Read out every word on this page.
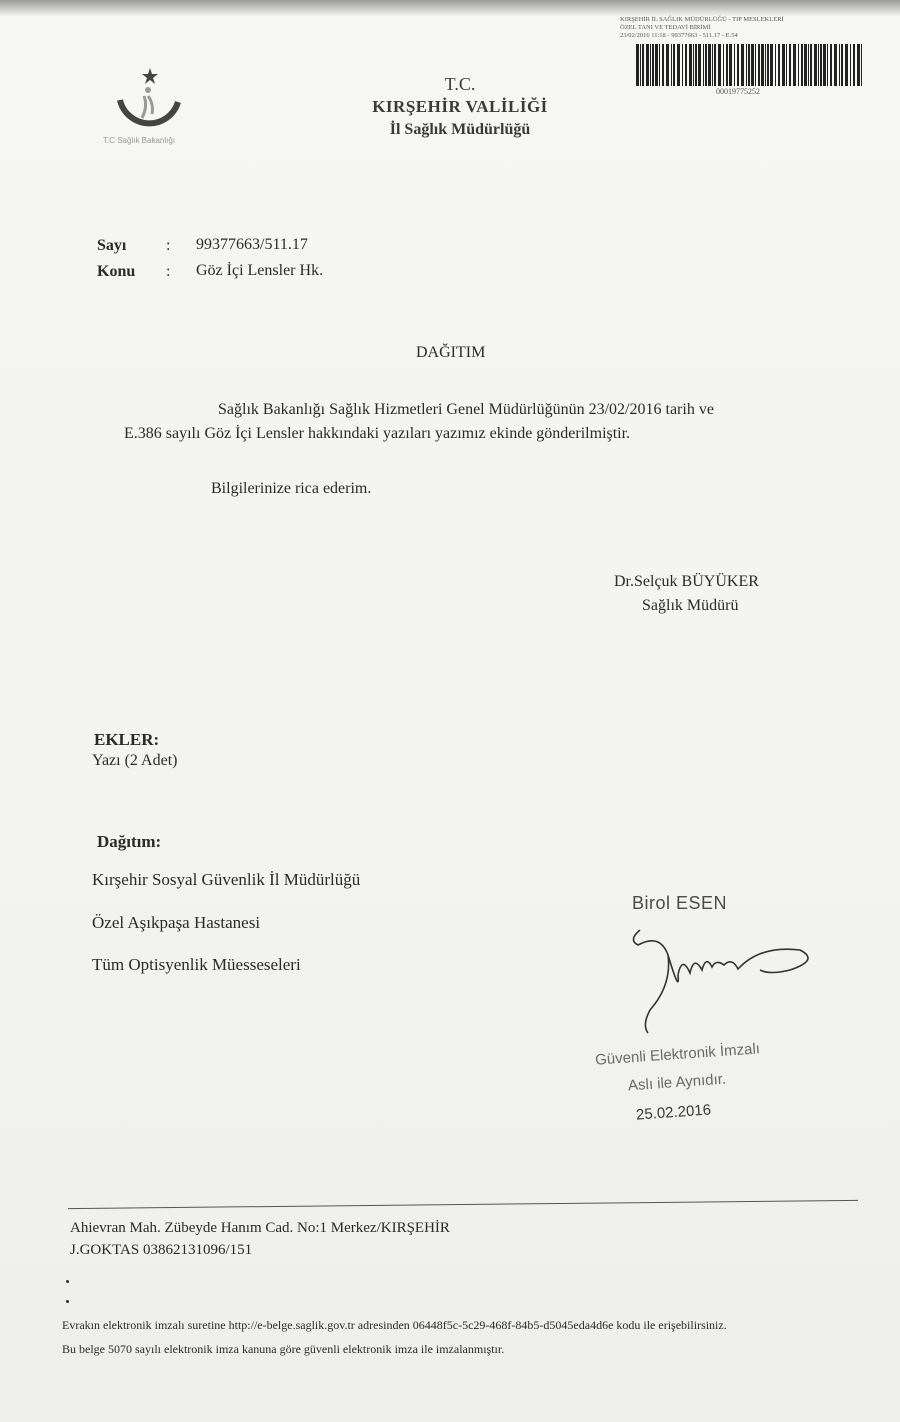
T.C Sağlık Bakanlığı
T.C.
KIRŞEHİR VALİLİĞİ
İl Sağlık Müdürlüğü
KIRŞEHİR İL SAĞLIK MÜDÜRLÜĞÜ - TIP MESLEKLERİ
ÖZEL TANI VE TEDAVİ BİRİMİ
23/02/2016 11:18 - 99377663 - 511.17 - E.54
00019775252
Sayı : 99377663/511.17
Konu : Göz İçi Lensler Hk.
DAĞITIM
Sağlık Bakanlığı Sağlık Hizmetleri Genel Müdürlüğünün 23/02/2016 tarih ve
E.386 sayılı Göz İçi Lensler hakkındaki yazıları yazımız ekinde gönderilmiştir.
Bilgilerinize rica ederim.
Dr.Selçuk BÜYÜKER
Sağlık Müdürü
EKLER:
Yazı (2 Adet)
Dağıtım:
Kırşehir Sosyal Güvenlik İl Müdürlüğü
Özel Aşıkpaşa Hastanesi
Tüm Optisyenlik Müesseseleri
Birol ESEN
Güvenli Elektronik İmzalı
Aslı ile Aynıdır.
25.02.2016
Ahievran Mah. Zübeyde Hanım Cad. No:1 Merkez/KIRŞEHİR
J.GOKTAS 03862131096/151
Evrakın elektronik imzalı suretine http://e-belge.saglik.gov.tr adresinden 06448f5c-5c29-468f-84b5-d5045eda4d6e kodu ile erişebilirsiniz.
Bu belge 5070 sayılı elektronik imza kanuna göre güvenli elektronik imza ile imzalanmıştır.
